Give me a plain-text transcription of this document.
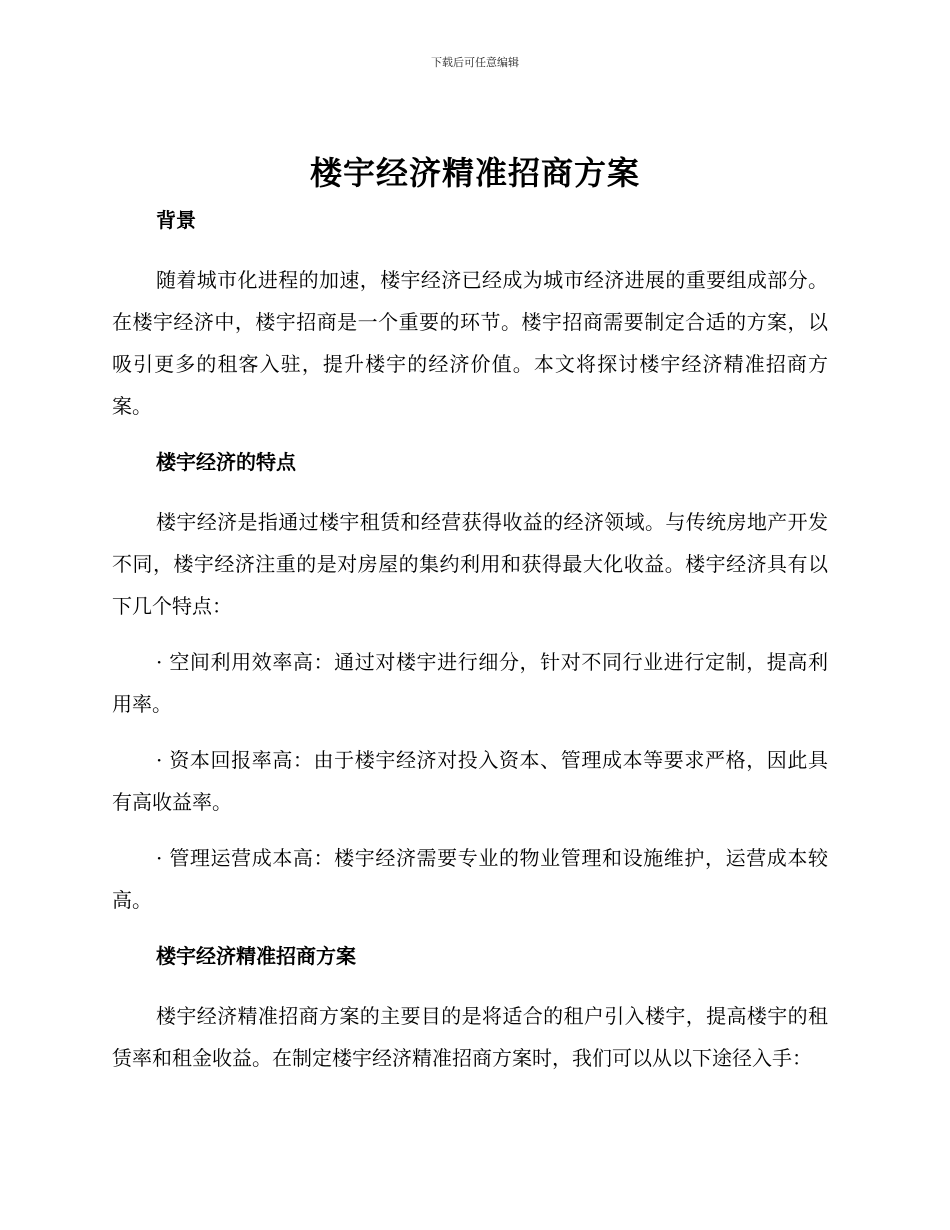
下载后可任意编辑
楼宇经济精准招商方案
背景

随着城市化进程的加速，楼宇经济已经成为城市经济进展的重要组成部分。在楼宇经济中，楼宇招商是一个重要的环节。楼宇招商需要制定合适的方案，以吸引更多的租客入驻，提升楼宇的经济价值。本文将探讨楼宇经济精准招商方案。

楼宇经济的特点

楼宇经济是指通过楼宇租赁和经营获得收益的经济领域。与传统房地产开发不同，楼宇经济注重的是对房屋的集约利用和获得最大化收益。楼宇经济具有以下几个特点：

· 空间利用效率高：通过对楼宇进行细分，针对不同行业进行定制，提高利用率。

· 资本回报率高：由于楼宇经济对投入资本、管理成本等要求严格，因此具有高收益率。

· 管理运营成本高：楼宇经济需要专业的物业管理和设施维护，运营成本较高。

楼宇经济精准招商方案

楼宇经济精准招商方案的主要目的是将适合的租户引入楼宇，提高楼宇的租赁率和租金收益。在制定楼宇经济精准招商方案时，我们可以从以下途径入手：
